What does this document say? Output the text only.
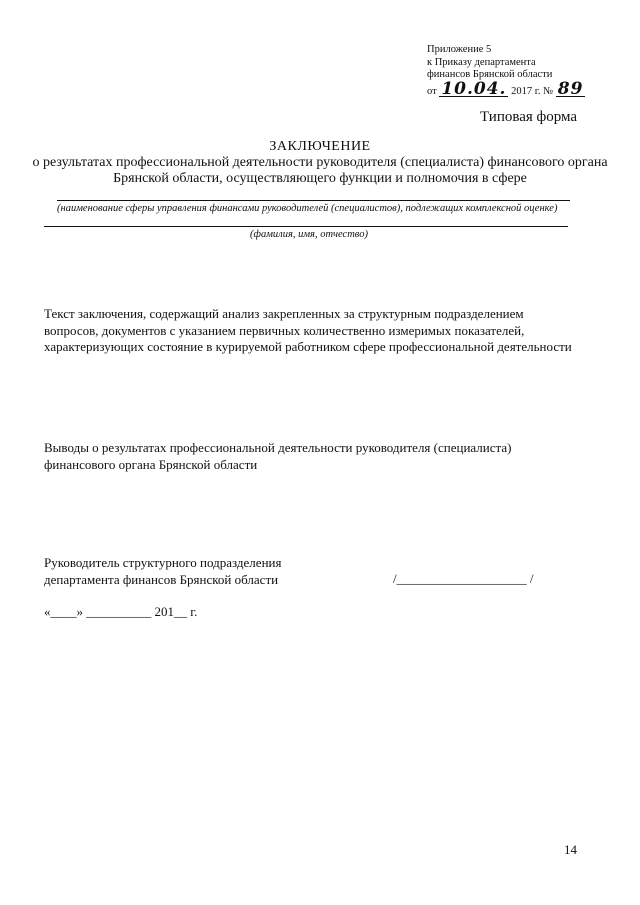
Приложение 5
к Приказу департамента
финансов Брянской области
от 10.04. 2017 г. № 89
Типовая форма
ЗАКЛЮЧЕНИЕ
о результатах профессиональной деятельности руководителя (специалиста) финансового органа
Брянской области, осуществляющего функции и полномочия в сфере
(наименование сферы управления финансами руководителей (специалистов), подлежащих комплексной оценке)
(фамилия, имя, отчество)
Текст заключения, содержащий анализ закрепленных за структурным подразделением
вопросов, документов с указанием первичных количественно измеримых показателей,
характеризующих состояние в курируемой работником сфере профессиональной деятельности
Выводы о результатах профессиональной деятельности руководителя (специалиста)
финансового органа Брянской области
Руководитель структурного подразделения
департамента финансов Брянской области	/____________________ /
«____» __________ 201__ г.
14
